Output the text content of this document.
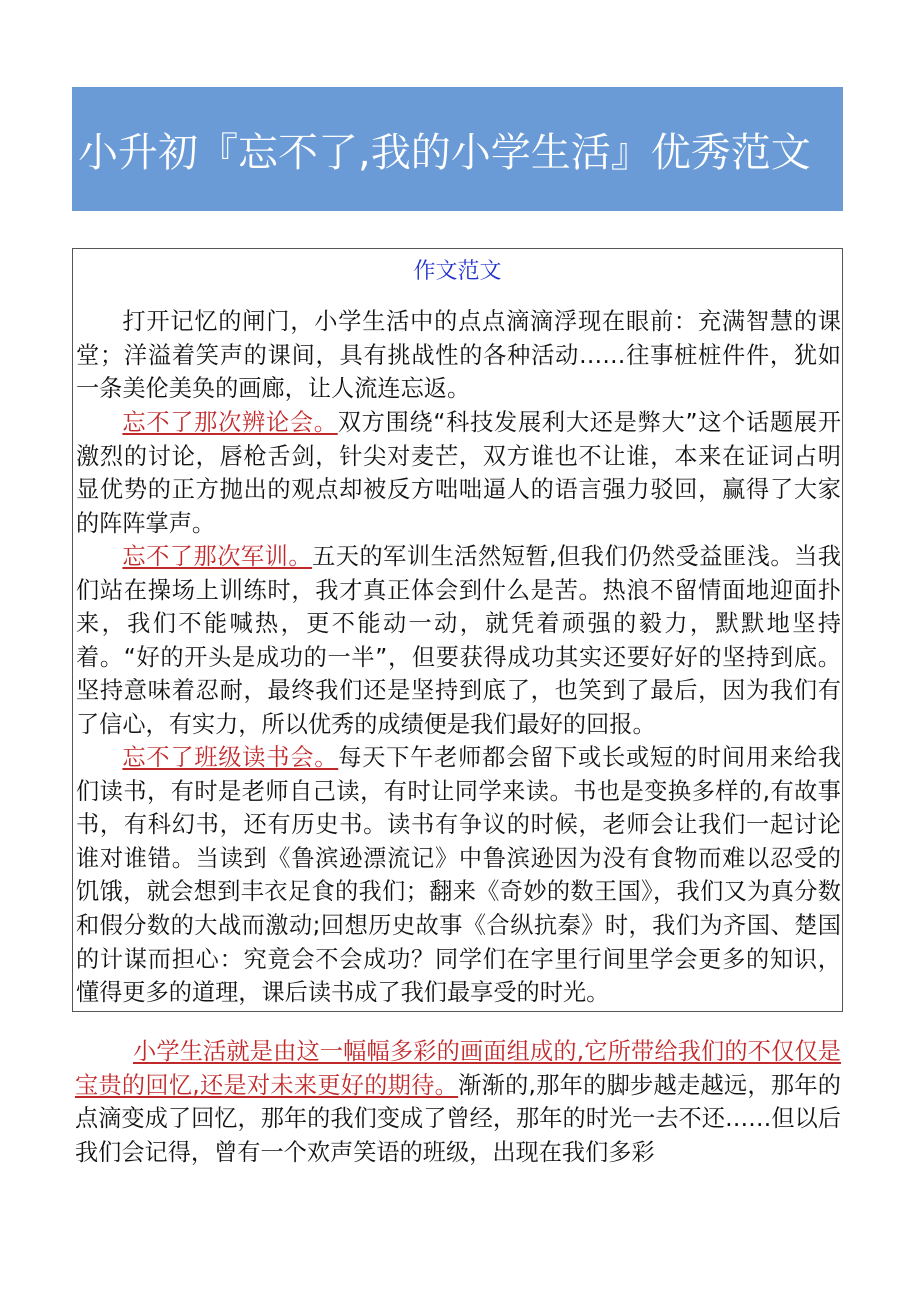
小升初『忘不了,我的小学生活』优秀范文
作文范文

打开记忆的闸门，小学生活中的点点滴滴浮现在眼前：充满智慧的课堂；洋溢着笑声的课间，具有挑战性的各种活动……往事桩桩件件，犹如一条美伦美奂的画廊，让人流连忘返。

忘不了那次辨论会。双方围绕“科技发展利大还是弊大”这个话题展开激烈的讨论，唇枪舌剑，针尖对麦芒，双方谁也不让谁，本来在证词占明显优势的正方抛出的观点却被反方咄咄逼人的语言强力驳回，赢得了大家的阵阵掌声。

忘不了那次军训。五天的军训生活然短暂,但我们仍然受益匪浅。当我们站在操场上训练时，我才真正体会到什么是苦。热浪不留情面地迎面扑来，我们不能喊热，更不能动一动，就凭着顽强的毅力，默默地坚持着。“好的开头是成功的一半”，但要获得成功其实还要好好的坚持到底。坚持意味着忍耐，最终我们还是坚持到底了，也笑到了最后，因为我们有了信心，有实力，所以优秀的成绩便是我们最好的回报。

忘不了班级读书会。每天下午老师都会留下或长或短的时间用来给我们读书，有时是老师自己读，有时让同学来读。书也是变换多样的,有故事书，有科幻书，还有历史书。读书有争议的时候，老师会让我们一起讨论谁对谁错。当读到《鲁滨逊漂流记》中鲁滨逊因为没有食物而难以忍受的饥饿，就会想到丰衣足食的我们；翻来《奇妙的数王国》，我们又为真分数和假分数的大战而激动;回想历史故事《合纵抗秦》时，我们为齐国、楚国的计谋而担心：究竟会不会成功？同学们在字里行间里学会更多的知识，懂得更多的道理，课后读书成了我们最享受的时光。

小学生活就是由这一幅幅多彩的画面组成的,它所带给我们的不仅仅是宝贵的回忆,还是对未来更好的期待。渐渐的,那年的脚步越走越远，那年的点滴变成了回忆，那年的我们变成了曾经，那年的时光一去不还……但以后我们会记得，曾有一个欢声笑语的班级，出现在我们多彩
